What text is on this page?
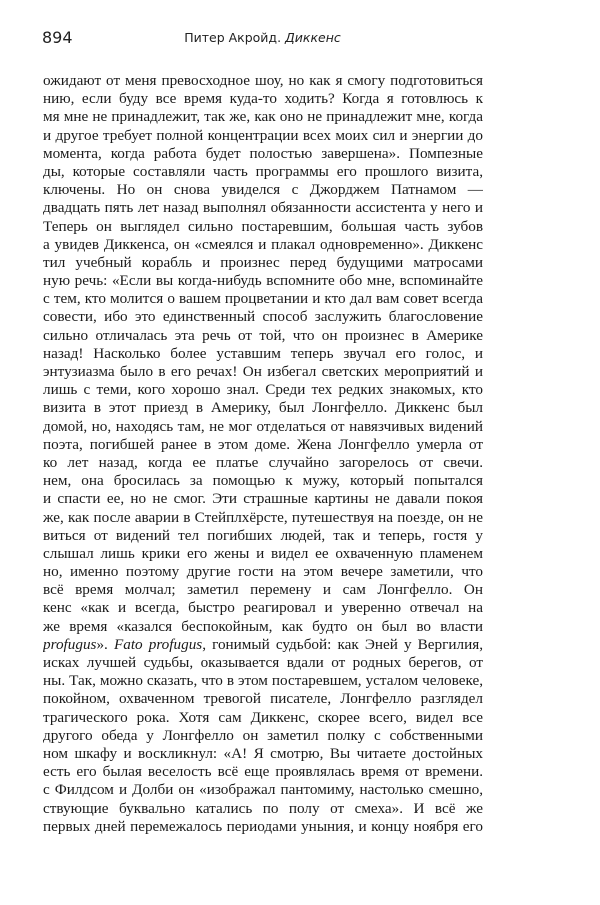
894	Питер Акройд. Диккенс
ожидают от меня превосходное шоу, но как я смогу подготовиться
нию, если буду все время куда-то ходить? Когда я готовлюсь к
мя мне не принадлежит, так же, как оно не принадлежит мне, когда
и другое требует полной концентрации всех моих сил и энергии до
момента, когда работа будет полостью завершена». Помпезные
ды, которые составляли часть программы его прошлого визита,
ключены. Но он снова увиделся с Джорджем Патнамом —
двадцать пять лет назад выполнял обязанности ассистента у него и
Теперь он выглядел сильно постаревшим, большая часть зубов
а увидев Диккенса, он «смеялся и плакал одновременно». Диккенс
тил учебный корабль и произнес перед будущими матросами
ную речь: «Если вы когда-нибудь вспомните обо мне, вспоминайте
с тем, кто молится о вашем процветании и кто дал вам совет всегда
совести, ибо это единственный способ заслужить благословение
сильно отличалась эта речь от той, что он произнес в Америке
назад! Насколько более уставшим теперь звучал его голос, и
энтузиазма было в его речах! Он избегал светских мероприятий и
лишь с теми, кого хорошо знал. Среди тех редких знакомых, кто
визита в этот приезд в Америку, был Лонгфелло. Диккенс был
домой, но, находясь там, не мог отделаться от навязчивых видений
поэта, погибшей ранее в этом доме. Жена Лонгфелло умерла от
ко лет назад, когда ее платье случайно загорелось от свечи.
нем, она бросилась за помощью к мужу, который попытался
и спасти ее, но не смог. Эти страшные картины не давали покоя
же, как после аварии в Стейплхёрсте, путешествуя на поезде, он не
виться от видений тел погибших людей, так и теперь, гостя у
слышал лишь крики его жены и видел ее охваченную пламенем
но, именно поэтому другие гости на этом вечере заметили, что
всё время молчал; заметил перемену и сам Лонгфелло. Он
кенс «как и всегда, быстро реагировал и уверенно отвечал на
же время «казался беспокойным, как будто он был во власти
profugus». Fato profugus, гонимый судьбой: как Эней у Вергилия,
исках лучшей судьбы, оказывается вдали от родных берегов, от
ны. Так, можно сказать, что в этом постаревшем, усталом человеке,
покойном, охваченном тревогой писателе, Лонгфелло разглядел
трагического рока. Хотя сам Диккенс, скорее всего, видел все
другого обеда у Лонгфелло он заметил полку с собственными
ном шкафу и воскликнул: «А! Я смотрю, Вы читаете достойных
есть его былая веселость всё еще проявлялась время от времени.
с Филдсом и Долби он «изображал пантомиму, настолько смешно,
ствующие буквально катались по полу от смеха». И всё же
первых дней перемежалось периодами уныния, и концу ноября его
